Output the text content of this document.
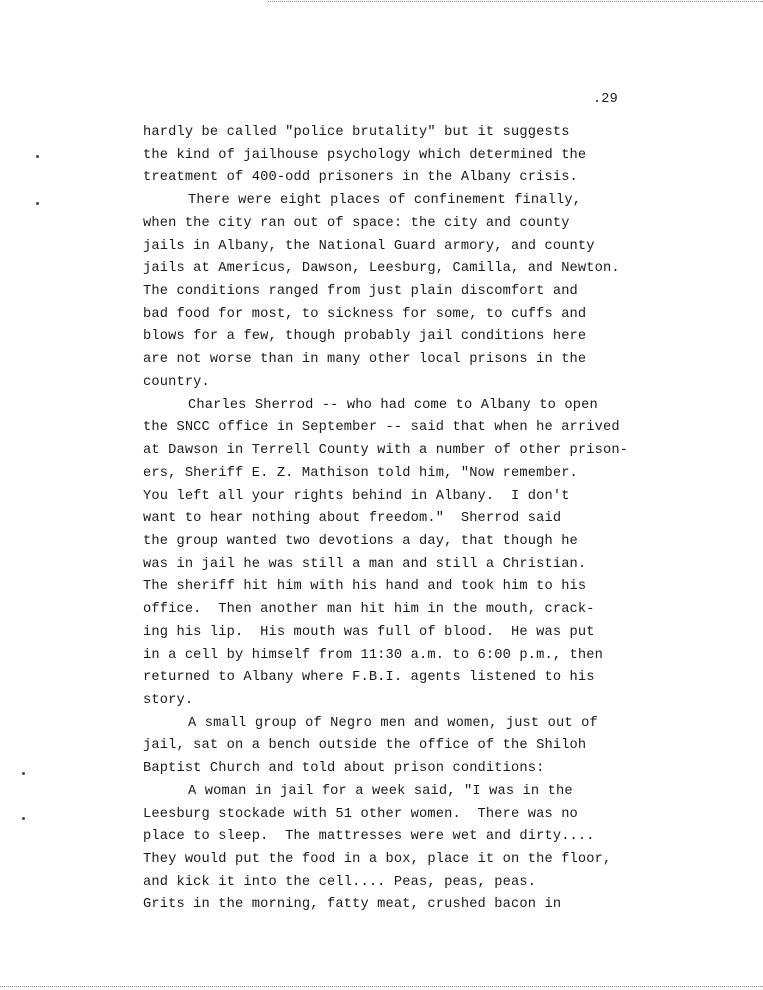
.29
hardly be called "police brutality" but it suggests
the kind of jailhouse psychology which determined the
treatment of 400-odd prisoners in the Albany crisis.
There were eight places of confinement finally,
when the city ran out of space: the city and county
jails in Albany, the National Guard armory, and county
jails at Americus, Dawson, Leesburg, Camilla, and Newton.
The conditions ranged from just plain discomfort and
bad food for most, to sickness for some, to cuffs and
blows for a few, though probably jail conditions here
are not worse than in many other local prisons in the
country.
Charles Sherrod -- who had come to Albany to open
the SNCC office in September -- said that when he arrived
at Dawson in Terrell County with a number of other prison-
ers, Sheriff E. Z. Mathison told him, "Now remember.
You left all your rights behind in Albany.  I don't
want to hear nothing about freedom."  Sherrod said
the group wanted two devotions a day, that though he
was in jail he was still a man and still a Christian.
The sheriff hit him with his hand and took him to his
office.  Then another man hit him in the mouth, crack-
ing his lip.  His mouth was full of blood.  He was put
in a cell by himself from 11:30 a.m. to 6:00 p.m., then
returned to Albany where F.B.I. agents listened to his
story.
A small group of Negro men and women, just out of
jail, sat on a bench outside the office of the Shiloh
Baptist Church and told about prison conditions:
A woman in jail for a week said, "I was in the
Leesburg stockade with 51 other women.  There was no
place to sleep.  The mattresses were wet and dirty....
They would put the food in a box, place it on the floor,
and kick it into the cell.... Peas, peas, peas.
Grits in the morning, fatty meat, crushed bacon in
